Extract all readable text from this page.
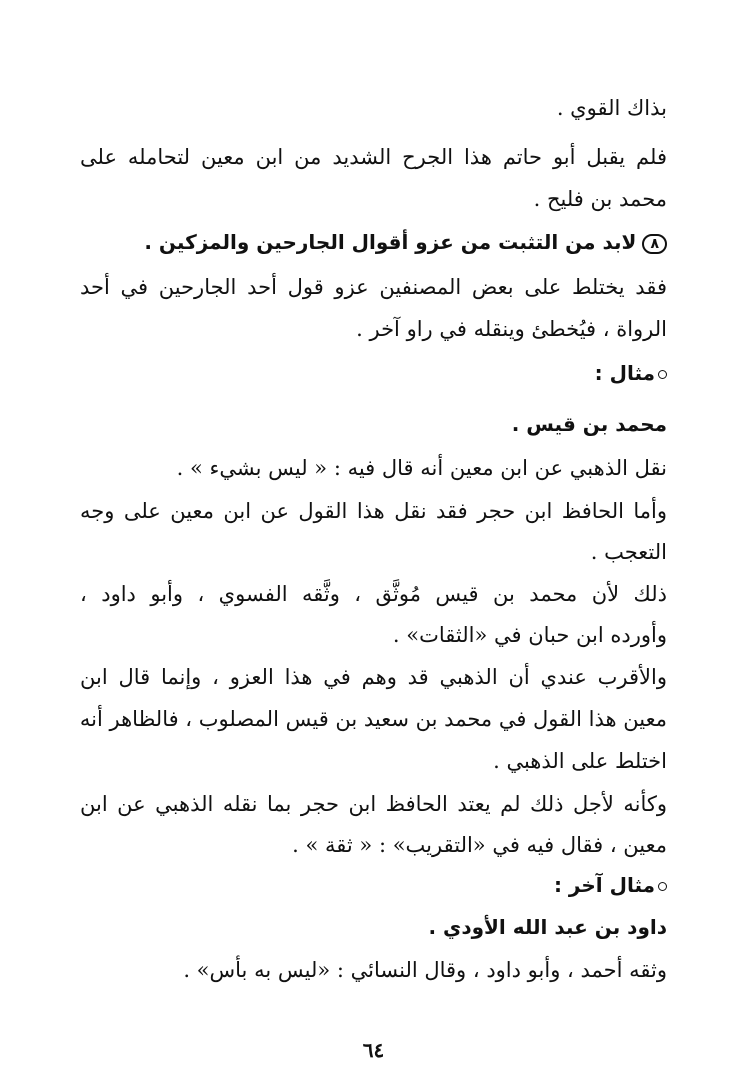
بذاك القوي .
فلم يقبل أبو حاتم هذا الجرح الشديد من ابن معين لتحامله على
محمد بن فليح .
٨لابد من التثبت من عزو أقوال الجارحين والمزكين .
فقد يختلط على بعض المصنفين عزو قول أحد الجارحين في أحد
الرواة ، فيُخطئ وينقله في راو آخر .
مثال :
محمد بن قيس .
نقل الذهبي عن ابن معين أنه قال فيه : « ليس بشيء » .
وأما الحافظ ابن حجر فقد نقل هذا القول عن ابن معين على وجه
التعجب .
ذلك لأن محمد بن قيس مُوثَّق ، وثَّقه الفسوي ، وأبو داود ،
وأورده ابن حبان في «الثقات» .
والأقرب عندي أن الذهبي قد وهم في هذا العزو ، وإنما قال ابن
معين هذا القول في محمد بن سعيد بن قيس المصلوب ، فالظاهر أنه
اختلط على الذهبي .
وكأنه لأجل ذلك لم يعتد الحافظ ابن حجر بما نقله الذهبي عن ابن
معين ، فقال فيه في «التقريب» : « ثقة » .
مثال آخر :
داود بن عبد الله الأودي .
وثقه أحمد ، وأبو داود ، وقال النسائي : «ليس به بأس» .
٦٤
